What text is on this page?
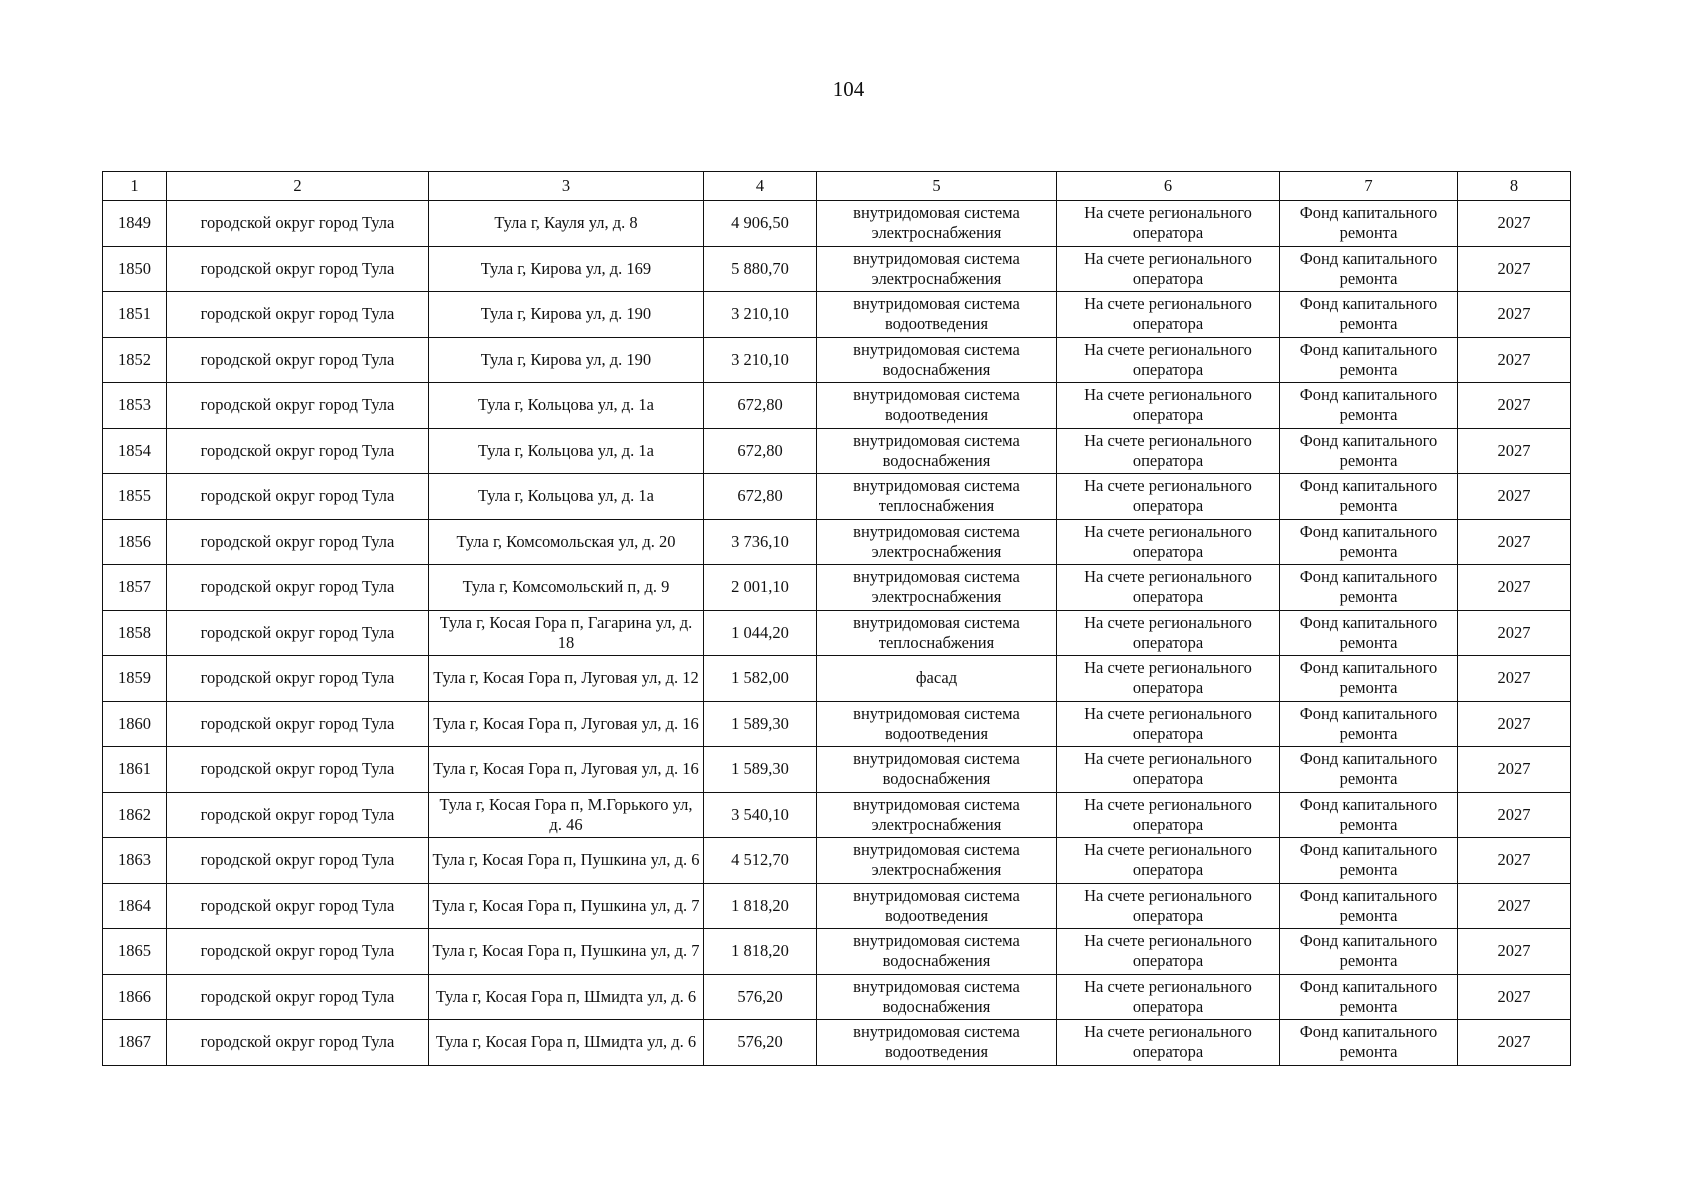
104
1	2	3	4	5	6	7	8
1849	городской округ город Тула	Тула г, Кауля ул, д. 8	4 906,50	внутридомовая система электроснабжения	На счете регионального оператора	Фонд капитального ремонта	2027
1850	городской округ город Тула	Тула г, Кирова ул, д. 169	5 880,70	внутридомовая система электроснабжения	На счете регионального оператора	Фонд капитального ремонта	2027
1851	городской округ город Тула	Тула г, Кирова ул, д. 190	3 210,10	внутридомовая система водоотведения	На счете регионального оператора	Фонд капитального ремонта	2027
1852	городской округ город Тула	Тула г, Кирова ул, д. 190	3 210,10	внутридомовая система водоснабжения	На счете регионального оператора	Фонд капитального ремонта	2027
1853	городской округ город Тула	Тула г, Кольцова ул, д. 1а	672,80	внутридомовая система водоотведения	На счете регионального оператора	Фонд капитального ремонта	2027
1854	городской округ город Тула	Тула г, Кольцова ул, д. 1а	672,80	внутридомовая система водоснабжения	На счете регионального оператора	Фонд капитального ремонта	2027
1855	городской округ город Тула	Тула г, Кольцова ул, д. 1а	672,80	внутридомовая система теплоснабжения	На счете регионального оператора	Фонд капитального ремонта	2027
1856	городской округ город Тула	Тула г, Комсомольская ул, д. 20	3 736,10	внутридомовая система электроснабжения	На счете регионального оператора	Фонд капитального ремонта	2027
1857	городской округ город Тула	Тула г, Комсомольский п, д. 9	2 001,10	внутридомовая система электроснабжения	На счете регионального оператора	Фонд капитального ремонта	2027
1858	городской округ город Тула	Тула г, Косая Гора п, Гагарина ул, д. 18	1 044,20	внутридомовая система теплоснабжения	На счете регионального оператора	Фонд капитального ремонта	2027
1859	городской округ город Тула	Тула г, Косая Гора п, Луговая ул, д. 12	1 582,00	фасад	На счете регионального оператора	Фонд капитального ремонта	2027
1860	городской округ город Тула	Тула г, Косая Гора п, Луговая ул, д. 16	1 589,30	внутридомовая система водоотведения	На счете регионального оператора	Фонд капитального ремонта	2027
1861	городской округ город Тула	Тула г, Косая Гора п, Луговая ул, д. 16	1 589,30	внутридомовая система водоснабжения	На счете регионального оператора	Фонд капитального ремонта	2027
1862	городской округ город Тула	Тула г, Косая Гора п, М.Горького ул, д. 46	3 540,10	внутридомовая система электроснабжения	На счете регионального оператора	Фонд капитального ремонта	2027
1863	городской округ город Тула	Тула г, Косая Гора п, Пушкина ул, д. 6	4 512,70	внутридомовая система электроснабжения	На счете регионального оператора	Фонд капитального ремонта	2027
1864	городской округ город Тула	Тула г, Косая Гора п, Пушкина ул, д. 7	1 818,20	внутридомовая система водоотведения	На счете регионального оператора	Фонд капитального ремонта	2027
1865	городской округ город Тула	Тула г, Косая Гора п, Пушкина ул, д. 7	1 818,20	внутридомовая система водоснабжения	На счете регионального оператора	Фонд капитального ремонта	2027
1866	городской округ город Тула	Тула г, Косая Гора п, Шмидта ул, д. 6	576,20	внутридомовая система водоснабжения	На счете регионального оператора	Фонд капитального ремонта	2027
1867	городской округ город Тула	Тула г, Косая Гора п, Шмидта ул, д. 6	576,20	внутридомовая система водоотведения	На счете регионального оператора	Фонд капитального ремонта	2027
